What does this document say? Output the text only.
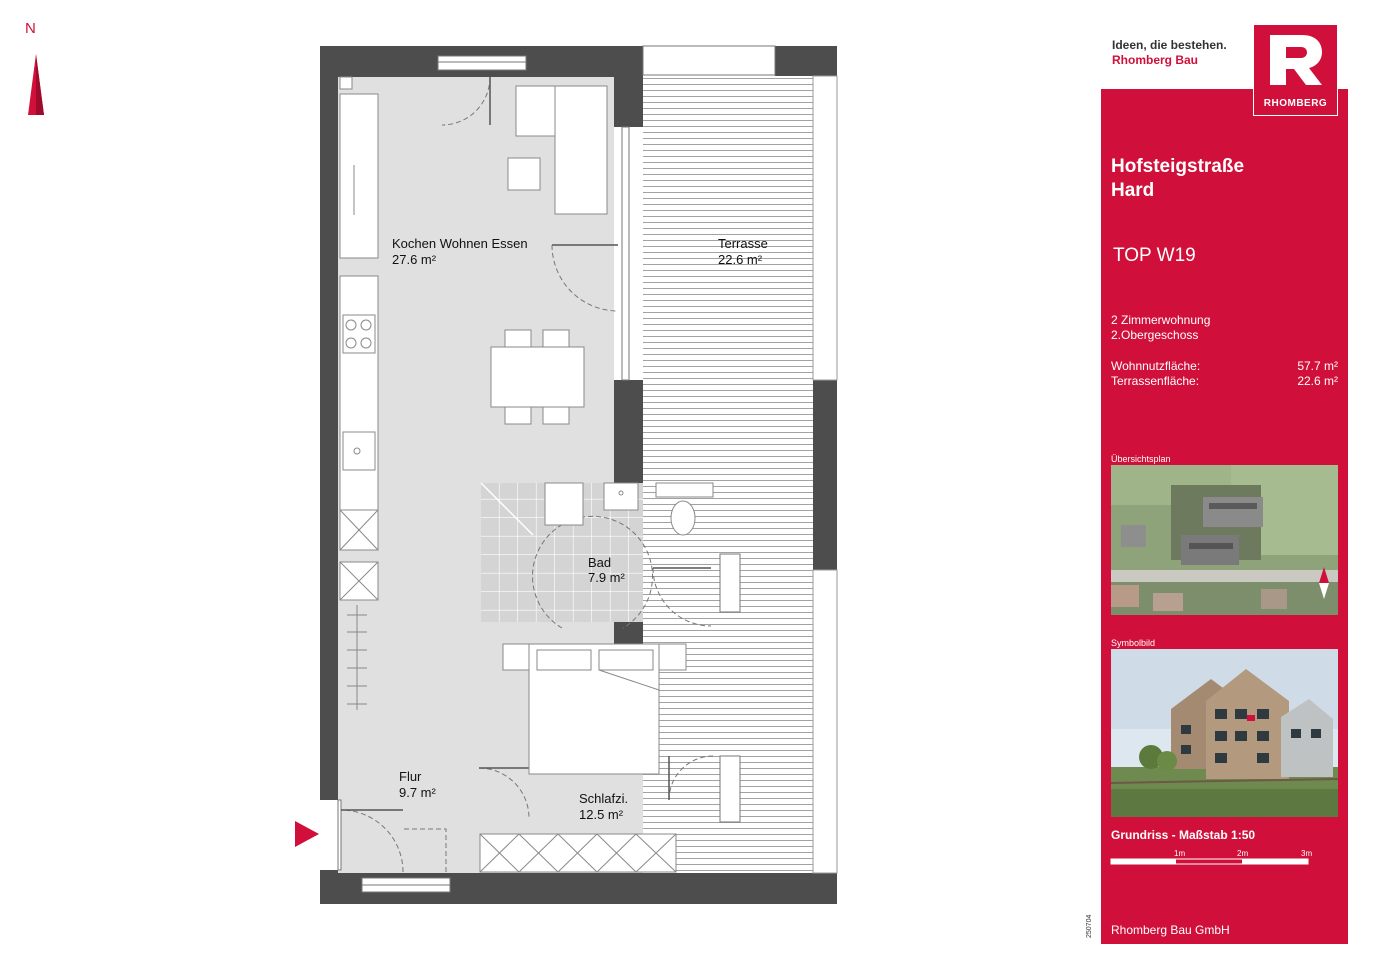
Kochen Wohnen Essen
27.6 m²
Terrasse
22.6 m²
Bad
7.9 m²
Schlafzi.
12.5 m²
Flur
9.7 m²
N
Ideen, die bestehen.
Rhomberg Bau
RHOMBERG
Hofsteigstraße
Hard
TOP W19
2 Zimmerwohnung
2.Obergeschoss
Wohnnutzfläche:	57.7 m²
Terrassenfläche:	22.6 m²
Übersichtsplan
Symbolbild
Grundriss - Maßstab 1:50
1m	2m	3m
Rhomberg Bau GmbH
250704
